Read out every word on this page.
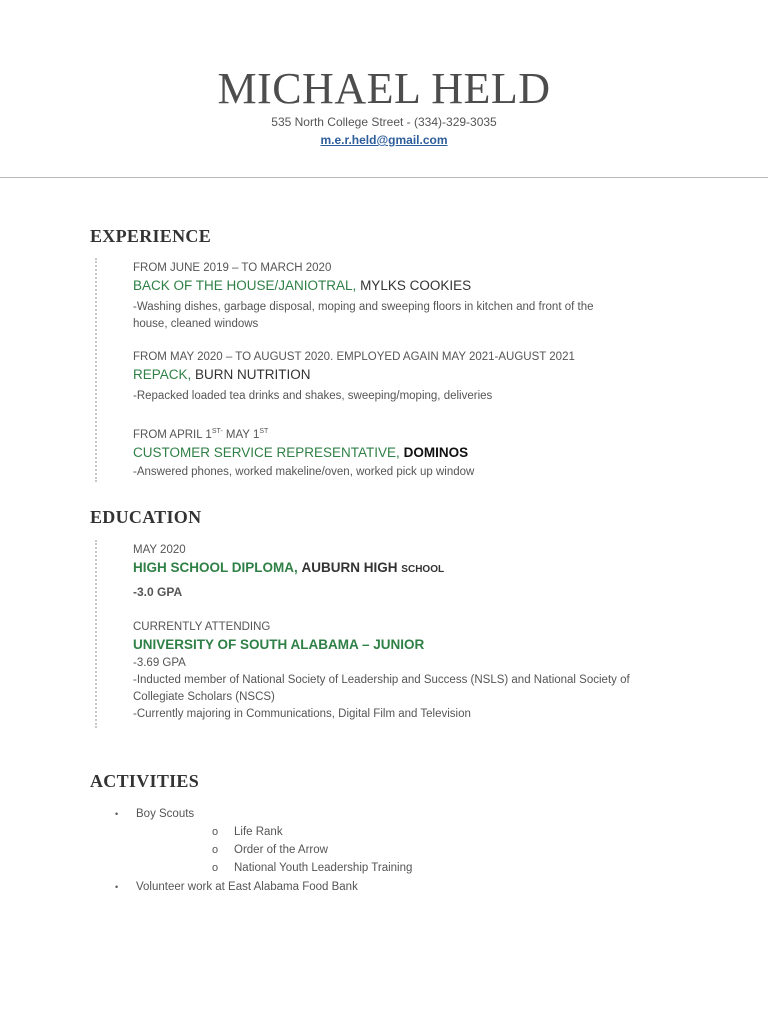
MICHAEL HELD
535 North College Street - (334)-329-3035
m.e.r.held@gmail.com
EXPERIENCE
FROM JUNE 2019 – TO MARCH 2020
BACK OF THE HOUSE/JANIOTRAL, MYLKS COOKIES
-Washing dishes, garbage disposal, moping and sweeping floors in kitchen and front of the
house, cleaned windows
FROM MAY 2020 – TO AUGUST 2020. EMPLOYED AGAIN MAY 2021-AUGUST 2021
REPACK, BURN NUTRITION
-Repacked loaded tea drinks and shakes, sweeping/moping, deliveries
FROM APRIL $1^{ST-}$ MAY 1ST
CUSTOMER SERVICE REPRESENTATIVE, DOMINOS
-Answered phones, worked makeline/oven, worked pick up window
EDUCATION
MAY 2020
HIGH SCHOOL DIPLOMA, AUBURN HIGH SCHOOL
-3.0 GPA
CURRENTLY ATTENDING
UNIVERSITY OF SOUTH ALABAMA – JUNIOR
-3.69 GPA
-Inducted member of National Society of Leadership and Success (NSLS) and National Society of
Collegiate Scholars (NSCS)
-Currently majoring in Communications, Digital Film and Television
ACTIVITIES
• Boy Scouts
o Life Rank
o Order of the Arrow
o National Youth Leadership Training
• Volunteer work at East Alabama Food Bank
